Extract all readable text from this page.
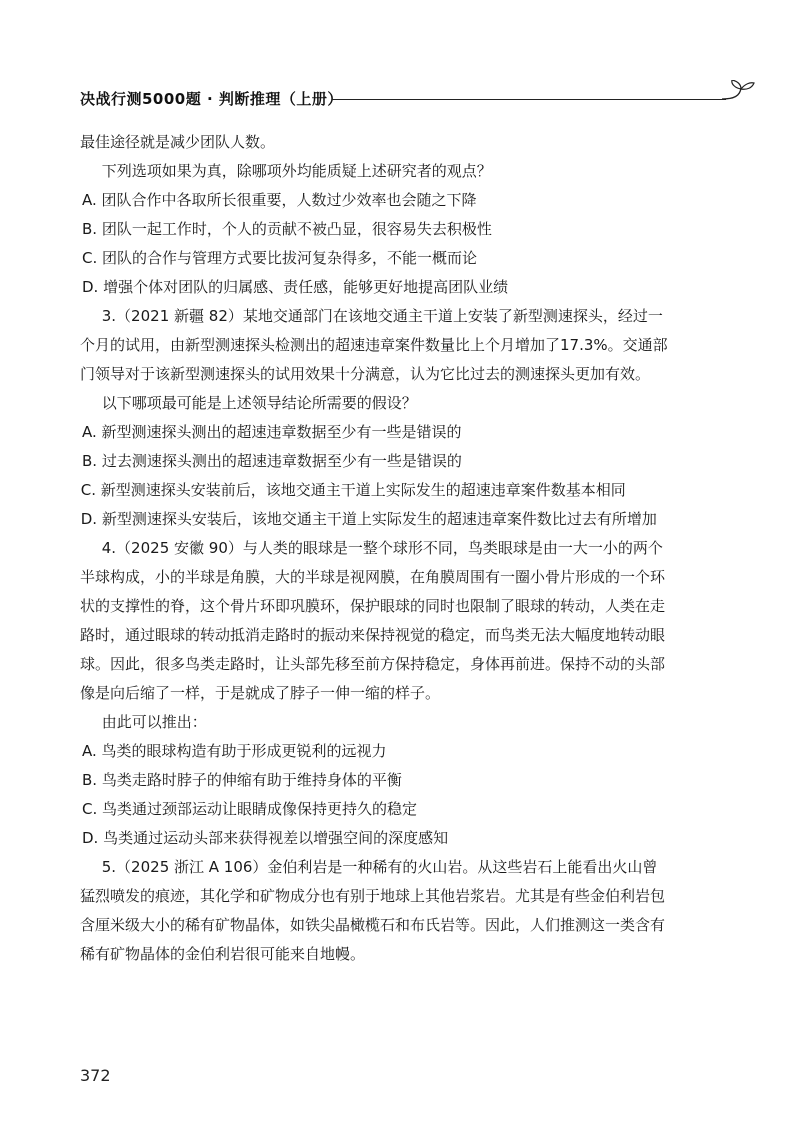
决战行测5000题 · 判断推理（上册）

最佳途径就是减少团队人数。

下列选项如果为真，除哪项外均能质疑上述研究者的观点？

A. 团队合作中各取所长很重要，人数过少效率也会随之下降

B. 团队一起工作时，个人的贡献不被凸显，很容易失去积极性

C. 团队的合作与管理方式要比拔河复杂得多，不能一概而论

D. 增强个体对团队的归属感、责任感，能够更好地提高团队业绩

3.（2021 新疆 82）某地交通部门在该地交通主干道上安装了新型测速探头，经过一个月的试用，由新型测速探头检测出的超速违章案件数量比上个月增加了17.3%。交通部门领导对于该新型测速探头的试用效果十分满意，认为它比过去的测速探头更加有效。

以下哪项最可能是上述领导结论所需要的假设？

A. 新型测速探头测出的超速违章数据至少有一些是错误的

B. 过去测速探头测出的超速违章数据至少有一些是错误的

C. 新型测速探头安装前后，该地交通主干道上实际发生的超速违章案件数基本相同

D. 新型测速探头安装后，该地交通主干道上实际发生的超速违章案件数比过去有所增加

4.（2025 安徽 90）与人类的眼球是一整个球形不同，鸟类眼球是由一大一小的两个半球构成，小的半球是角膜，大的半球是视网膜，在角膜周围有一圈小骨片形成的一个环状的支撑性的脊，这个骨片环即巩膜环，保护眼球的同时也限制了眼球的转动，人类在走路时，通过眼球的转动抵消走路时的振动来保持视觉的稳定，而鸟类无法大幅度地转动眼球。因此，很多鸟类走路时，让头部先移至前方保持稳定，身体再前进。保持不动的头部像是向后缩了一样，于是就成了脖子一伸一缩的样子。

由此可以推出：

A. 鸟类的眼球构造有助于形成更锐利的远视力

B. 鸟类走路时脖子的伸缩有助于维持身体的平衡

C. 鸟类通过颈部运动让眼睛成像保持更持久的稳定

D. 鸟类通过运动头部来获得视差以增强空间的深度感知

5.（2025 浙江 A 106）金伯利岩是一种稀有的火山岩。从这些岩石上能看出火山曾猛烈喷发的痕迹，其化学和矿物成分也有别于地球上其他岩浆岩。尤其是有些金伯利岩包含厘米级大小的稀有矿物晶体，如铁尖晶橄榄石和布氏岩等。因此，人们推测这一类含有稀有矿物晶体的金伯利岩很可能来自地幔。

372
